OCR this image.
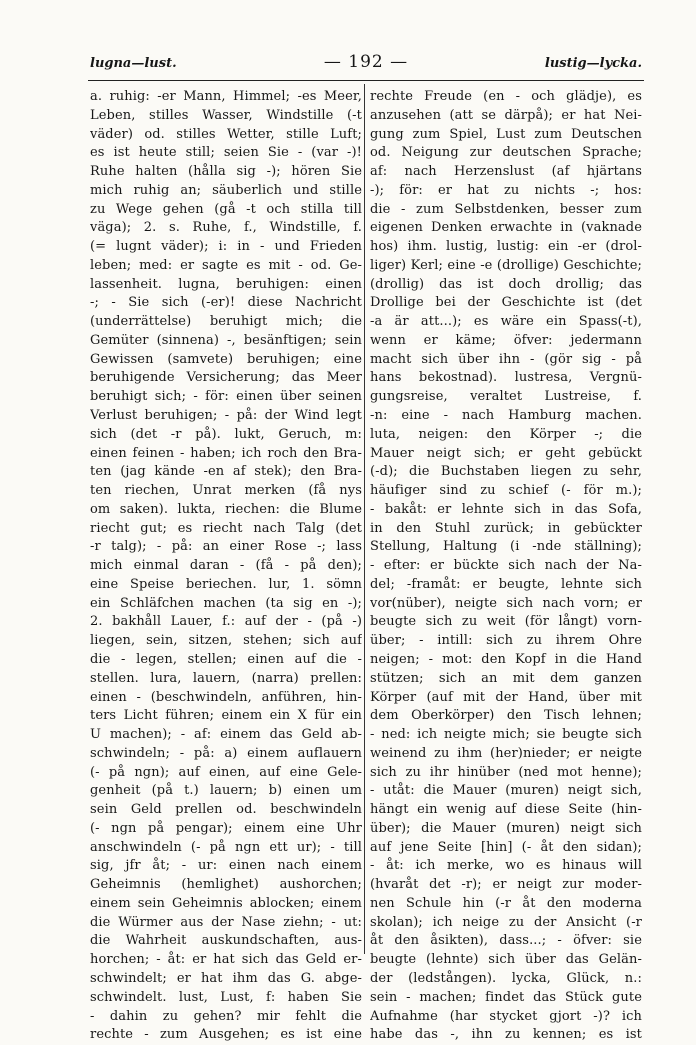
lugna—lust.	— 192 —	lustig—lycka.
a. ruhig: -er Mann, Himmel; -es Meer,
Leben, stilles Wasser, Windstille (-t
väder) od. stilles Wetter, stille Luft;
es ist heute still; seien Sie - (var -)!
Ruhe halten (hålla sig -); hören Sie
mich ruhig an; säuberlich und stille
zu Wege gehen (gå -t och stilla till
väga); 2. s. Ruhe, f., Windstille, f.
(= lugnt väder); i: in - und Frieden
leben; med: er sagte es mit - od. Ge-
lassenheit. lugna, beruhigen: einen
-; - Sie sich (-er)! diese Nachricht
(underrättelse) beruhigt mich; die
Gemüter (sinnena) -, besänftigen; sein
Gewissen (samvete) beruhigen; eine
beruhigende Versicherung; das Meer
beruhigt sich; - för: einen über seinen
Verlust beruhigen; - på: der Wind legt
sich (det -r på). lukt, Geruch, m:
einen feinen - haben; ich roch den Bra-
ten (jag kände -en af stek); den Bra-
ten riechen, Unrat merken (få nys
om saken). lukta, riechen: die Blume
riecht gut; es riecht nach Talg (det
-r talg); - på: an einer Rose -; lass
mich einmal daran - (få - på den);
eine Speise beriechen. lur, 1. sömn
ein Schläfchen machen (ta sig en -);
2. bakhåll Lauer, f.: auf der - (på -)
liegen, sein, sitzen, stehen; sich auf
die - legen, stellen; einen auf die -
stellen. lura, lauern, (narra) prellen:
einen - (beschwindeln, anführen, hin-
ters Licht führen; einem ein X für ein
U machen); - af: einem das Geld ab-
schwindeln; - på: a) einem auflauern
(- på ngn); auf einen, auf eine Gele-
genheit (på t.) lauern; b) einen um
sein Geld prellen od. beschwindeln
(- ngn på pengar); einem eine Uhr
anschwindeln (- på ngn ett ur); - till
sig, jfr åt; - ur: einen nach einem
Geheimnis (hemlighet) aushorchen;
einem sein Geheimnis ablocken; einem
die Würmer aus der Nase ziehn; - ut:
die Wahrheit auskundschaften, aus-
horchen; - åt: er hat sich das Geld er-
schwindelt; er hat ihm das G. abge-
schwindelt. lust, Lust, f: haben Sie
- dahin zu gehen? mir fehlt die
rechte - zum Ausgehen; es ist eine
rechte Freude (en - och glädje), es
anzusehen (att se därpå); er hat Nei-
gung zum Spiel, Lust zum Deutschen
od. Neigung zur deutschen Sprache;
af: nach Herzenslust (af hjärtans
-); för: er hat zu nichts -; hos:
die - zum Selbstdenken, besser zum
eigenen Denken erwachte in (vaknade
hos) ihm. lustig, lustig: ein -er (drol-
liger) Kerl; eine -e (drollige) Geschichte;
(drollig) das ist doch drollig; das
Drollige bei der Geschichte ist (det
-a är att...); es wäre ein Spass(-t),
wenn er käme; öfver: jedermann
macht sich über ihn - (gör sig - på
hans bekostnad). lustresa, Vergnü-
gungsreise, veraltet Lustreise, f.
-n: eine - nach Hamburg machen.
luta, neigen: den Körper -; die
Mauer neigt sich; er geht gebückt
(-d); die Buchstaben liegen zu sehr,
häufiger sind zu schief (- för m.);
- bakåt: er lehnte sich in das Sofa,
in den Stuhl zurück; in gebückter
Stellung, Haltung (i -nde ställning);
- efter: er bückte sich nach der Na-
del; -framåt: er beugte, lehnte sich
vor(nüber), neigte sich nach vorn; er
beugte sich zu weit (för långt) vorn-
über; - intill: sich zu ihrem Ohre
neigen; - mot: den Kopf in die Hand
stützen; sich an mit dem ganzen
Körper (auf mit der Hand, über mit
dem Oberkörper) den Tisch lehnen;
- ned: ich neigte mich; sie beugte sich
weinend zu ihm (her)nieder; er neigte
sich zu ihr hinüber (ned mot henne);
- utåt: die Mauer (muren) neigt sich,
hängt ein wenig auf diese Seite (hin-
über); die Mauer (muren) neigt sich
auf jene Seite [hin] (- åt den sidan);
- åt: ich merke, wo es hinaus will
(hvaråt det -r); er neigt zur moder-
nen Schule hin (-r åt den moderna
skolan); ich neige zu der Ansicht (-r
åt den åsikten), dass...; - öfver: sie
beugte (lehnte) sich über das Gelän-
der (ledstången). lycka, Glück, n.:
sein - machen; findet das Stück gute
Aufnahme (har stycket gjort -)? ich
habe das -, ihn zu kennen; es ist
